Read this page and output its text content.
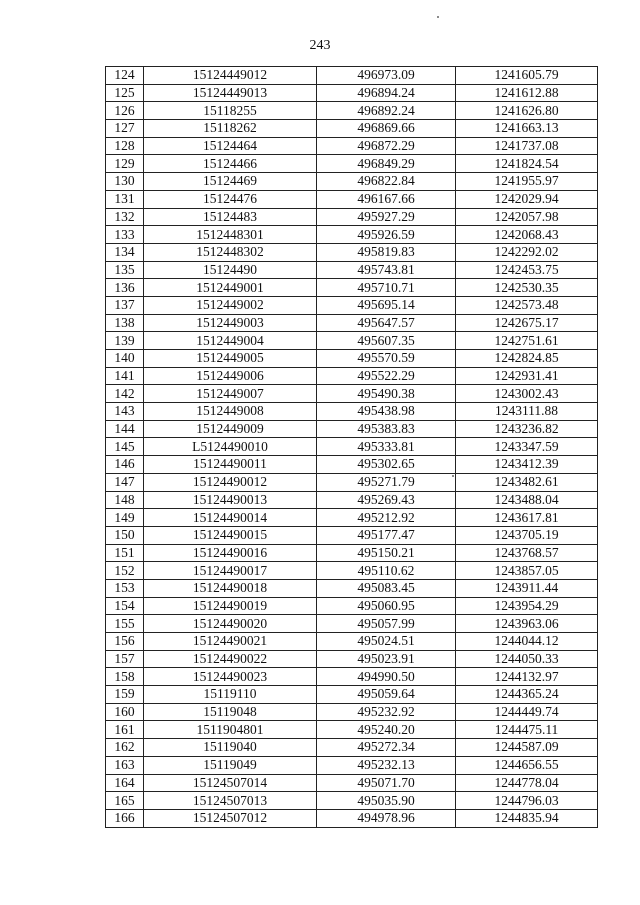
243
124	15124449012	496973.09	1241605.79
125	15124449013	496894.24	1241612.88
126	15118255	496892.24	1241626.80
127	15118262	496869.66	1241663.13
128	15124464	496872.29	1241737.08
129	15124466	496849.29	1241824.54
130	15124469	496822.84	1241955.97
131	15124476	496167.66	1242029.94
132	15124483	495927.29	1242057.98
133	1512448301	495926.59	1242068.43
134	1512448302	495819.83	1242292.02
135	15124490	495743.81	1242453.75
136	1512449001	495710.71	1242530.35
137	1512449002	495695.14	1242573.48
138	1512449003	495647.57	1242675.17
139	1512449004	495607.35	1242751.61
140	1512449005	495570.59	1242824.85
141	1512449006	495522.29	1242931.41
142	1512449007	495490.38	1243002.43
143	1512449008	495438.98	1243111.88
144	1512449009	495383.83	1243236.82
145	L5124490010	495333.81	1243347.59
146	15124490011	495302.65	1243412.39
147	15124490012	495271.79	1243482.61
148	15124490013	495269.43	1243488.04
149	15124490014	495212.92	1243617.81
150	15124490015	495177.47	1243705.19
151	15124490016	495150.21	1243768.57
152	15124490017	495110.62	1243857.05
153	15124490018	495083.45	1243911.44
154	15124490019	495060.95	1243954.29
155	15124490020	495057.99	1243963.06
156	15124490021	495024.51	1244044.12
157	15124490022	495023.91	1244050.33
158	15124490023	494990.50	1244132.97
159	15119110	495059.64	1244365.24
160	15119048	495232.92	1244449.74
161	1511904801	495240.20	1244475.11
162	15119040	495272.34	1244587.09
163	15119049	495232.13	1244656.55
164	15124507014	495071.70	1244778.04
165	15124507013	495035.90	1244796.03
166	15124507012	494978.96	1244835.94
